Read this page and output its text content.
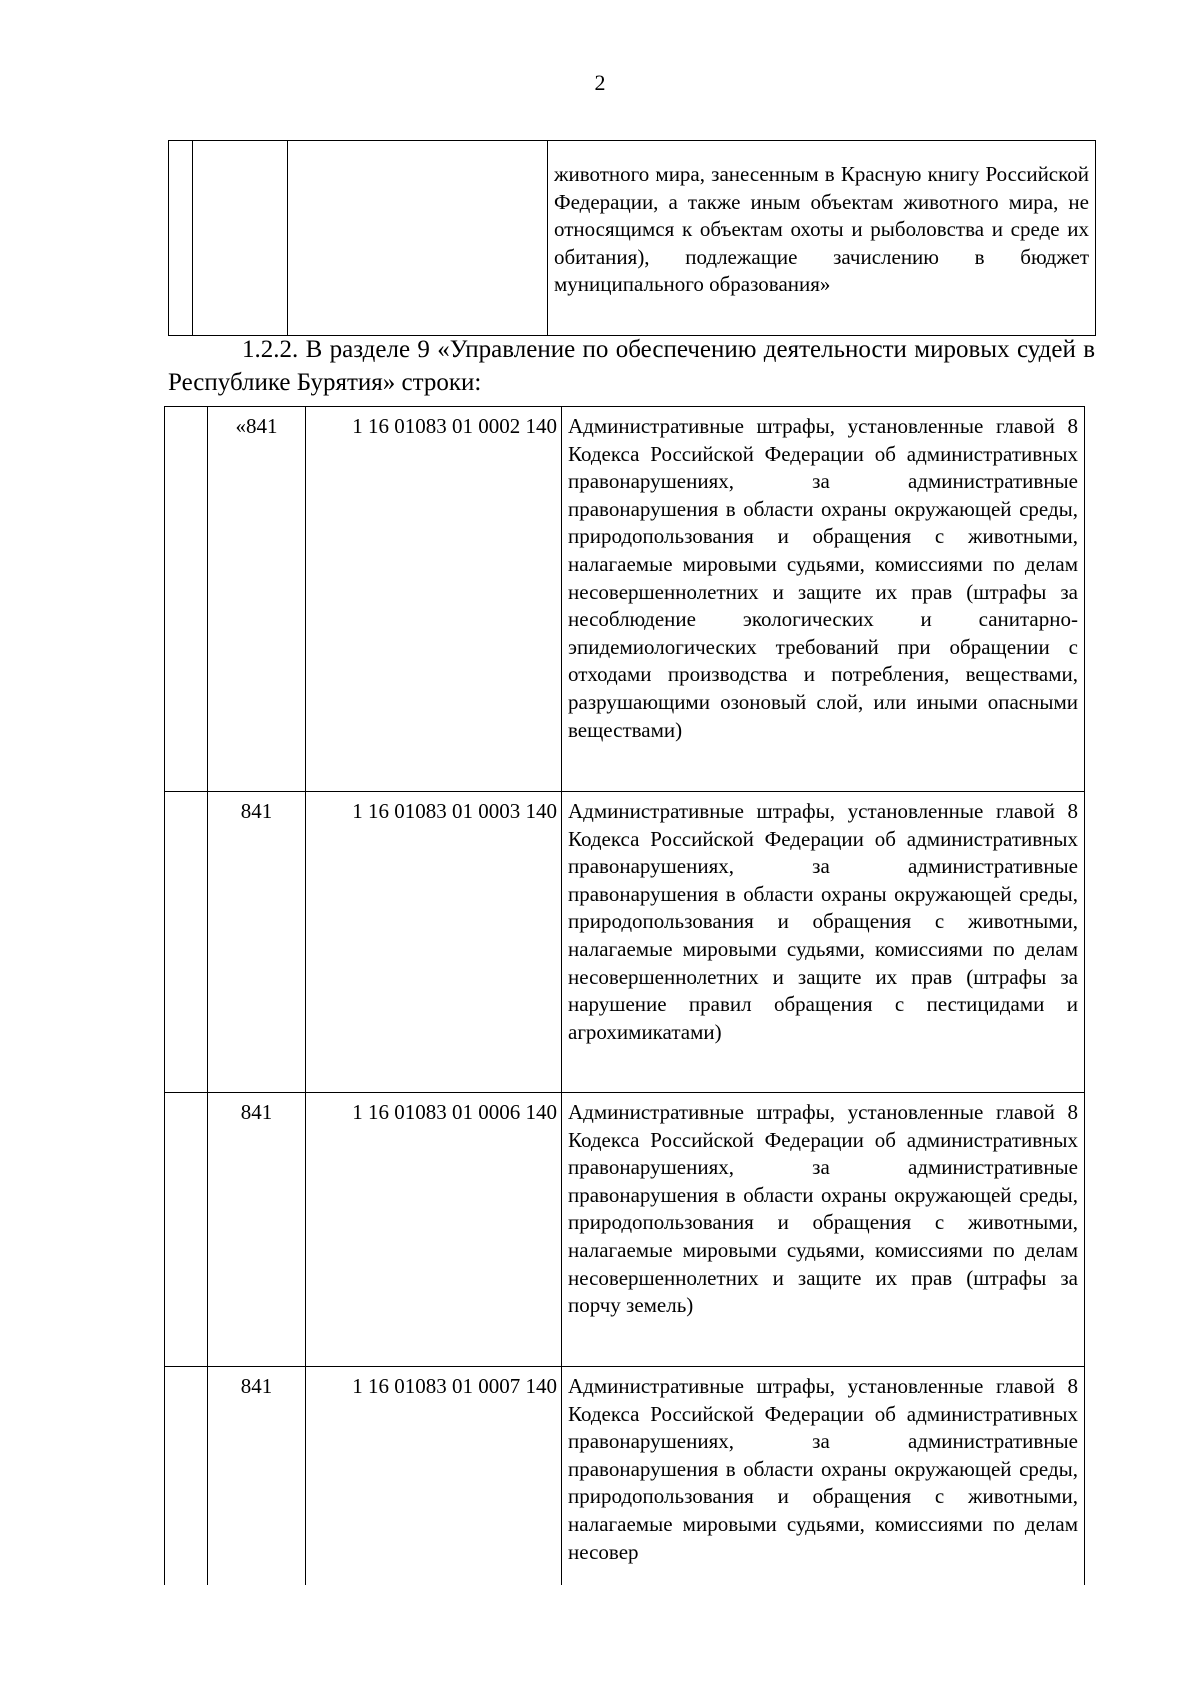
2

животного мира, занесенным в Красную книгу Российской Федерации, а также иным объектам животного мира, не относящимся к объектам охоты и рыболовства и среде их обитания), подлежащие зачислению в бюджет муниципального образования»
1.2.2. В разделе 9 «Управление по обеспечению деятельности мировых судей в Республике Бурятия» строки:

	«841	1 16 01083 01 0002 140	Административные штрафы, установленные главой 8 Кодекса Российской Федерации об административных правонарушениях, за административные правонарушения в области охраны окружающей среды, природопользования и обращения с животными, налагаемые мировыми судьями, комиссиями по делам несовершеннолетних и защите их прав (штрафы за несоблюдение экологических и санитарно-эпидемиологических требований при обращении с отходами производства и потребления, веществами, разрушающими озоновый слой, или иными опасными веществами)

	841	1 16 01083 01 0003 140	Административные штрафы, установленные главой 8 Кодекса Российской Федерации об административных правонарушениях, за административные правонарушения в области охраны окружающей среды, природопользования и обращения с животными, налагаемые мировыми судьями, комиссиями по делам несовершеннолетних и защите их прав (штрафы за нарушение правил обращения с пестицидами и агрохимикатами)

	841	1 16 01083 01 0006 140	Административные штрафы, установленные главой 8 Кодекса Российской Федерации об административных правонарушениях, за административные правонарушения в области охраны окружающей среды, природопользования и обращения с животными, налагаемые мировыми судьями, комиссиями по делам несовершеннолетних и защите их прав (штрафы за порчу земель)

	841	1 16 01083 01 0007 140	Административные штрафы, установленные главой 8 Кодекса Российской Федерации об административных правонарушениях, за административные правонарушения в области охраны окружающей среды, природопользования и обращения с животными, налагаемые мировыми судьями, комиссиями по делам несовер
